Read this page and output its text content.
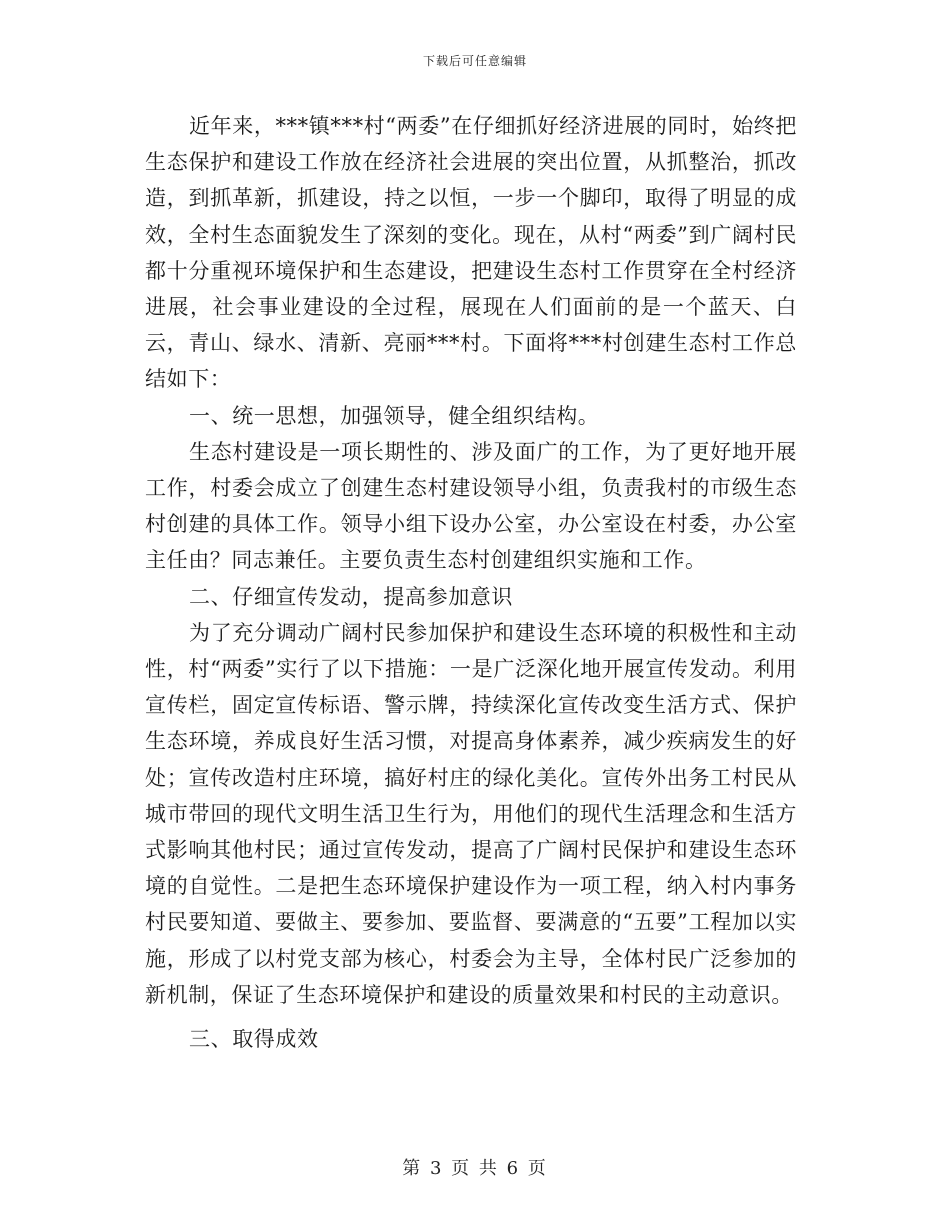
下载后可任意编辑

近年来，***镇***村“两委”在仔细抓好经济进展的同时，始终把生态保护和建设工作放在经济社会进展的突出位置，从抓整治，抓改造，到抓革新，抓建设，持之以恒，一步一个脚印，取得了明显的成效，全村生态面貌发生了深刻的变化。现在，从村“两委”到广阔村民都十分重视环境保护和生态建设，把建设生态村工作贯穿在全村经济进展，社会事业建设的全过程，展现在人们面前的是一个蓝天、白云，青山、绿水、清新、亮丽***村。下面将***村创建生态村工作总结如下：

一、统一思想，加强领导，健全组织结构。

生态村建设是一项长期性的、涉及面广的工作，为了更好地开展工作，村委会成立了创建生态村建设领导小组，负责我村的市级生态村创建的具体工作。领导小组下设办公室，办公室设在村委，办公室主任由？同志兼任。主要负责生态村创建组织实施和工作。

二、仔细宣传发动，提高参加意识

为了充分调动广阔村民参加保护和建设生态环境的积极性和主动性，村“两委”实行了以下措施：一是广泛深化地开展宣传发动。利用宣传栏，固定宣传标语、警示牌，持续深化宣传改变生活方式、保护生态环境，养成良好生活习惯，对提高身体素养，减少疾病发生的好处；宣传改造村庄环境，搞好村庄的绿化美化。宣传外出务工村民从城市带回的现代文明生活卫生行为，用他们的现代生活理念和生活方式影响其他村民；通过宣传发动，提高了广阔村民保护和建设生态环境的自觉性。二是把生态环境保护建设作为一项工程，纳入村内事务村民要知道、要做主、要参加、要监督、要满意的“五要”工程加以实施，形成了以村党支部为核心，村委会为主导，全体村民广泛参加的新机制，保证了生态环境保护和建设的质量效果和村民的主动意识。

三、取得成效

第 3 页 共 6 页
